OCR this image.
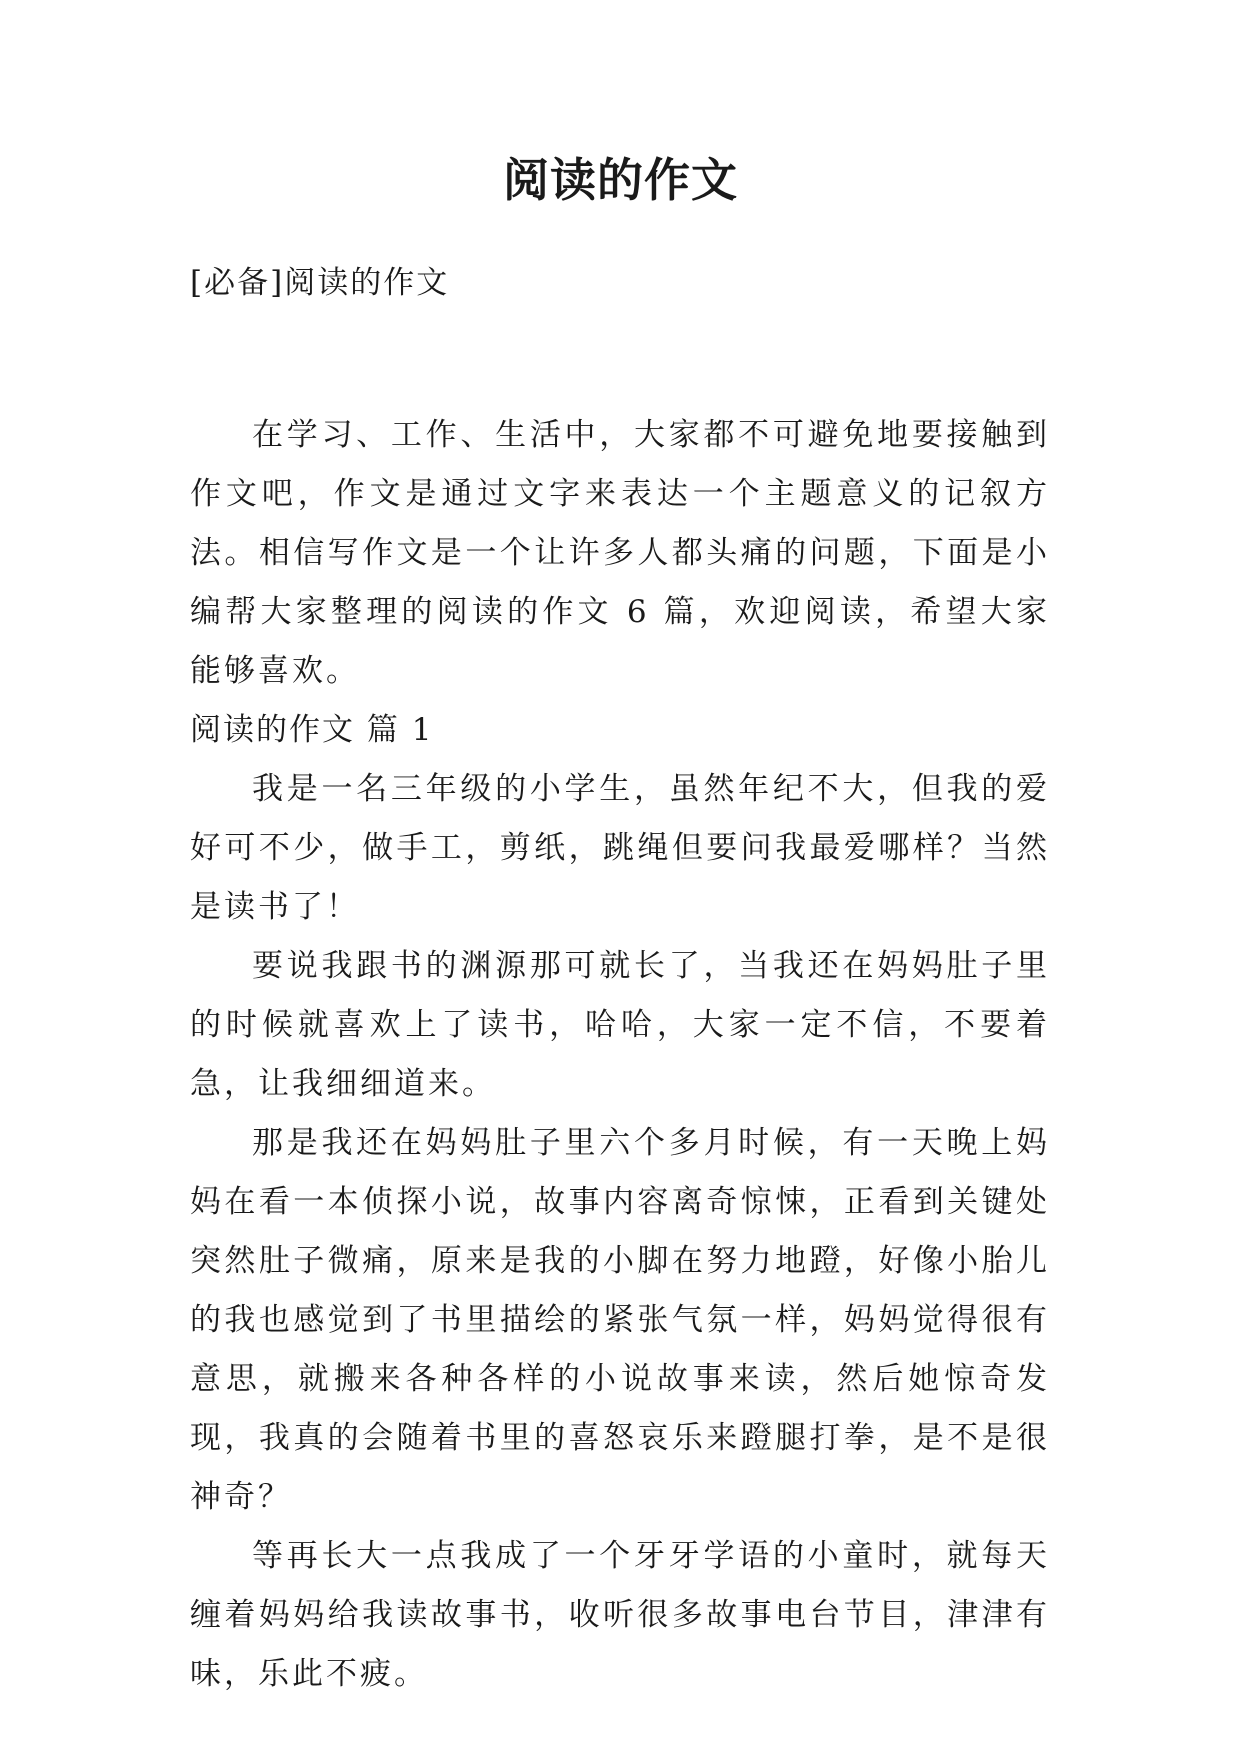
阅读的作文
[必备]阅读的作文

在学习、工作、生活中，大家都不可避免地要接触到作文吧，作文是通过文字来表达一个主题意义的记叙方法。相信写作文是一个让许多人都头痛的问题，下面是小编帮大家整理的阅读的作文 6 篇，欢迎阅读，希望大家能够喜欢。

阅读的作文 篇 1

我是一名三年级的小学生，虽然年纪不大，但我的爱好可不少，做手工，剪纸，跳绳但要问我最爱哪样？当然是读书了！

要说我跟书的渊源那可就长了，当我还在妈妈肚子里的时候就喜欢上了读书，哈哈，大家一定不信，不要着急，让我细细道来。

那是我还在妈妈肚子里六个多月时候，有一天晚上妈妈在看一本侦探小说，故事内容离奇惊悚，正看到关键处突然肚子微痛，原来是我的小脚在努力地蹬，好像小胎儿的我也感觉到了书里描绘的紧张气氛一样，妈妈觉得很有意思，就搬来各种各样的小说故事来读，然后她惊奇发现，我真的会随着书里的喜怒哀乐来蹬腿打拳，是不是很神奇？

等再长大一点我成了一个牙牙学语的小童时，就每天缠着妈妈给我读故事书，收听很多故事电台节目，津津有味，乐此不疲。
